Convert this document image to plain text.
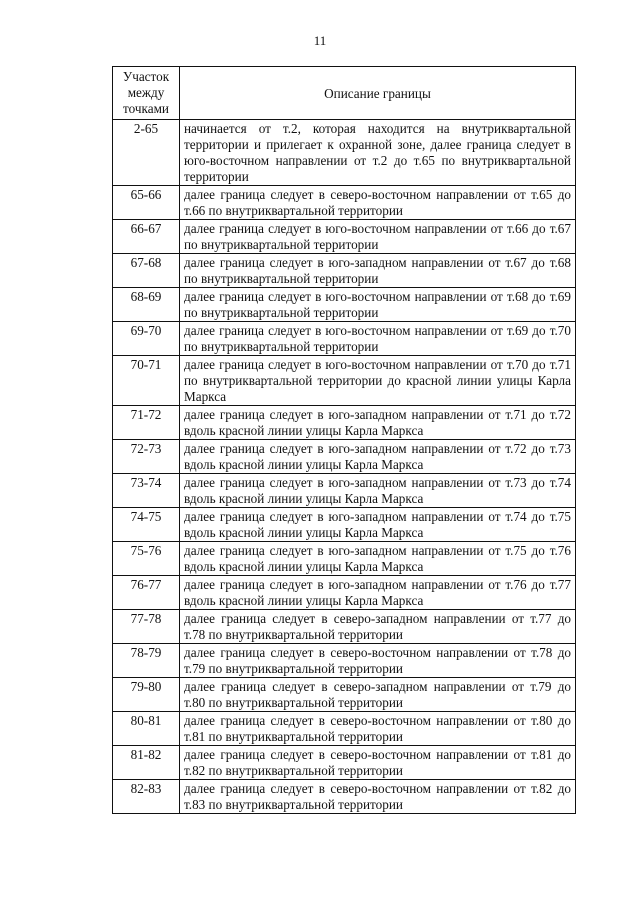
11
Участок между точками	Описание границы
2-65	начинается от т.2, которая находится на внутриквартальной территории и прилегает к охранной зоне, далее граница следует в юго-восточном направлении от т.2 до т.65 по внутриквартальной территории
65-66	далее граница следует в северо-восточном направлении от т.65 до т.66 по внутриквартальной территории
66-67	далее граница следует в юго-восточном направлении от т.66 до т.67 по внутриквартальной территории
67-68	далее граница следует в юго-западном направлении от т.67 до т.68 по внутриквартальной территории
68-69	далее граница следует в юго-восточном направлении от т.68 до т.69 по внутриквартальной территории
69-70	далее граница следует в юго-восточном направлении от т.69 до т.70 по внутриквартальной территории
70-71	далее граница следует в юго-восточном направлении от т.70 до т.71 по внутриквартальной территории до красной линии улицы Карла Маркса
71-72	далее граница следует в юго-западном направлении от т.71 до т.72 вдоль красной линии улицы Карла Маркса
72-73	далее граница следует в юго-западном направлении от т.72 до т.73 вдоль красной линии улицы Карла Маркса
73-74	далее граница следует в юго-западном направлении от т.73 до т.74 вдоль красной линии улицы Карла Маркса
74-75	далее граница следует в юго-западном направлении от т.74 до т.75 вдоль красной линии улицы Карла Маркса
75-76	далее граница следует в юго-западном направлении от т.75 до т.76 вдоль красной линии улицы Карла Маркса
76-77	далее граница следует в юго-западном направлении от т.76 до т.77 вдоль красной линии улицы Карла Маркса
77-78	далее граница следует в северо-западном направлении от т.77 до т.78 по внутриквартальной территории
78-79	далее граница следует в северо-восточном направлении от т.78 до т.79 по внутриквартальной территории
79-80	далее граница следует в северо-западном направлении от т.79 до т.80 по внутриквартальной территории
80-81	далее граница следует в северо-восточном направлении от т.80 до т.81 по внутриквартальной территории
81-82	далее граница следует в северо-восточном направлении от т.81 до т.82 по внутриквартальной территории
82-83	далее граница следует в северо-восточном направлении от т.82 до т.83 по внутриквартальной территории
